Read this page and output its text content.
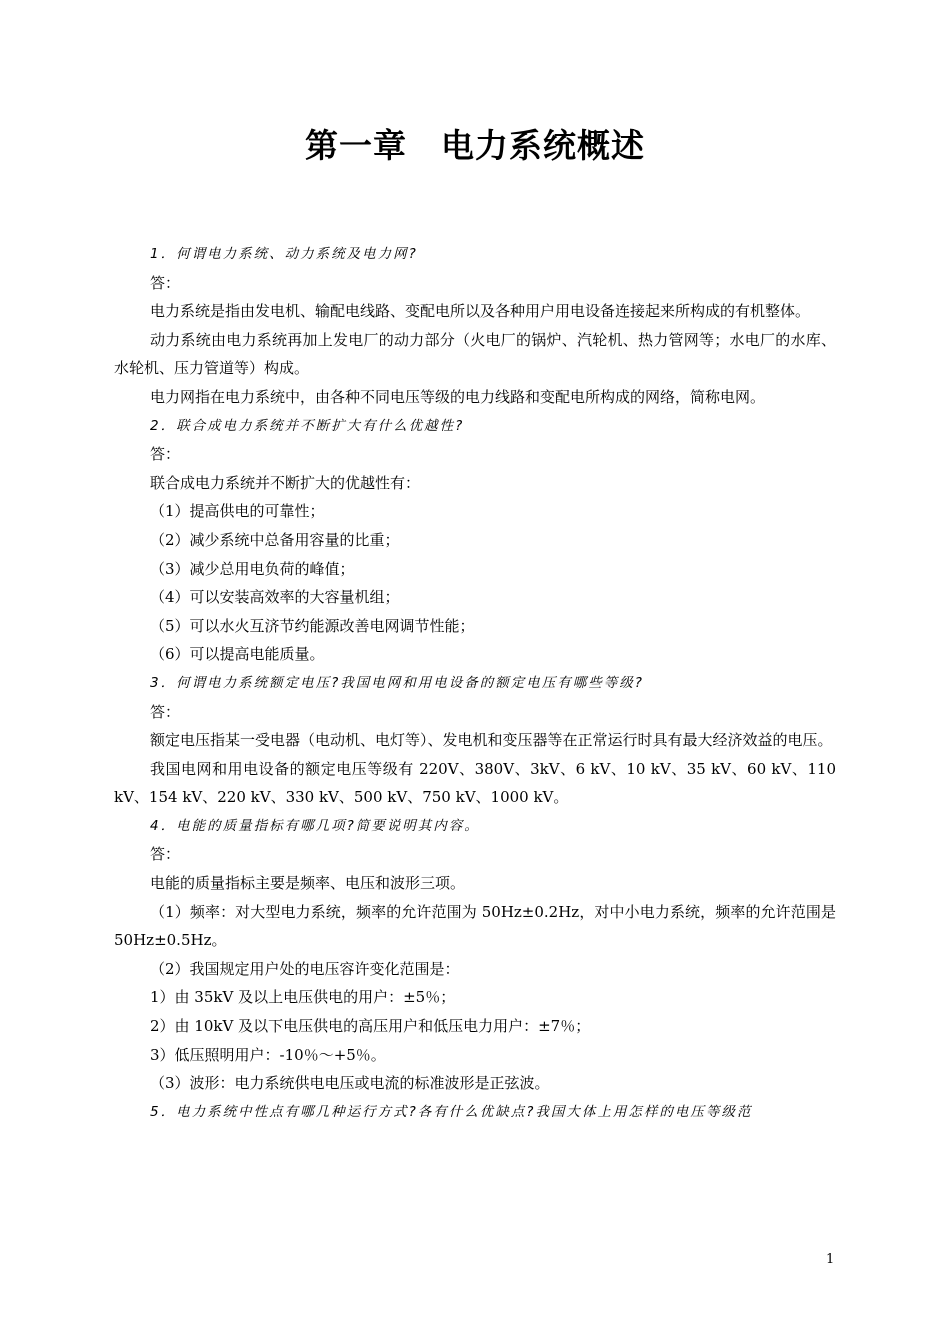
第一章　电力系统概述

1．何谓电力系统、动力系统及电力网?

答：

电力系统是指由发电机、输配电线路、变配电所以及各种用户用电设备连接起来所构成的有机整体。

动力系统由电力系统再加上发电厂的动力部分（火电厂的锅炉、汽轮机、热力管网等；水电厂的水库、水轮机、压力管道等）构成。

电力网指在电力系统中，由各种不同电压等级的电力线路和变配电所构成的网络，简称电网。

2．联合成电力系统并不断扩大有什么优越性?

答：

联合成电力系统并不断扩大的优越性有：

（1）提高供电的可靠性；

（2）减少系统中总备用容量的比重；

（3）减少总用电负荷的峰值；

（4）可以安装高效率的大容量机组；

（5）可以水火互济节约能源改善电网调节性能；

（6）可以提高电能质量。

3．何谓电力系统额定电压?我国电网和用电设备的额定电压有哪些等级?

答：

额定电压指某一受电器（电动机、电灯等）、发电机和变压器等在正常运行时具有最大经济效益的电压。

我国电网和用电设备的额定电压等级有 220V、380V、3kV、6 kV、10 kV、35 kV、60 kV、110 kV、154 kV、220 kV、330 kV、500 kV、750 kV、1000 kV。

4．电能的质量指标有哪几项?简要说明其内容。

答：

电能的质量指标主要是频率、电压和波形三项。

（1）频率：对大型电力系统，频率的允许范围为 50Hz±0.2Hz，对中小电力系统，频率的允许范围是 50Hz±0.5Hz。

（2）我国规定用户处的电压容许变化范围是：

1）由 35kV 及以上电压供电的用户：±5％；

2）由 10kV 及以下电压供电的高压用户和低压电力用户：±7％；

3）低压照明用户：-10％～+5％。

（3）波形：电力系统供电电压或电流的标准波形是正弦波。

5．电力系统中性点有哪几种运行方式?各有什么优缺点?我国大体上用怎样的电压等级范

1
